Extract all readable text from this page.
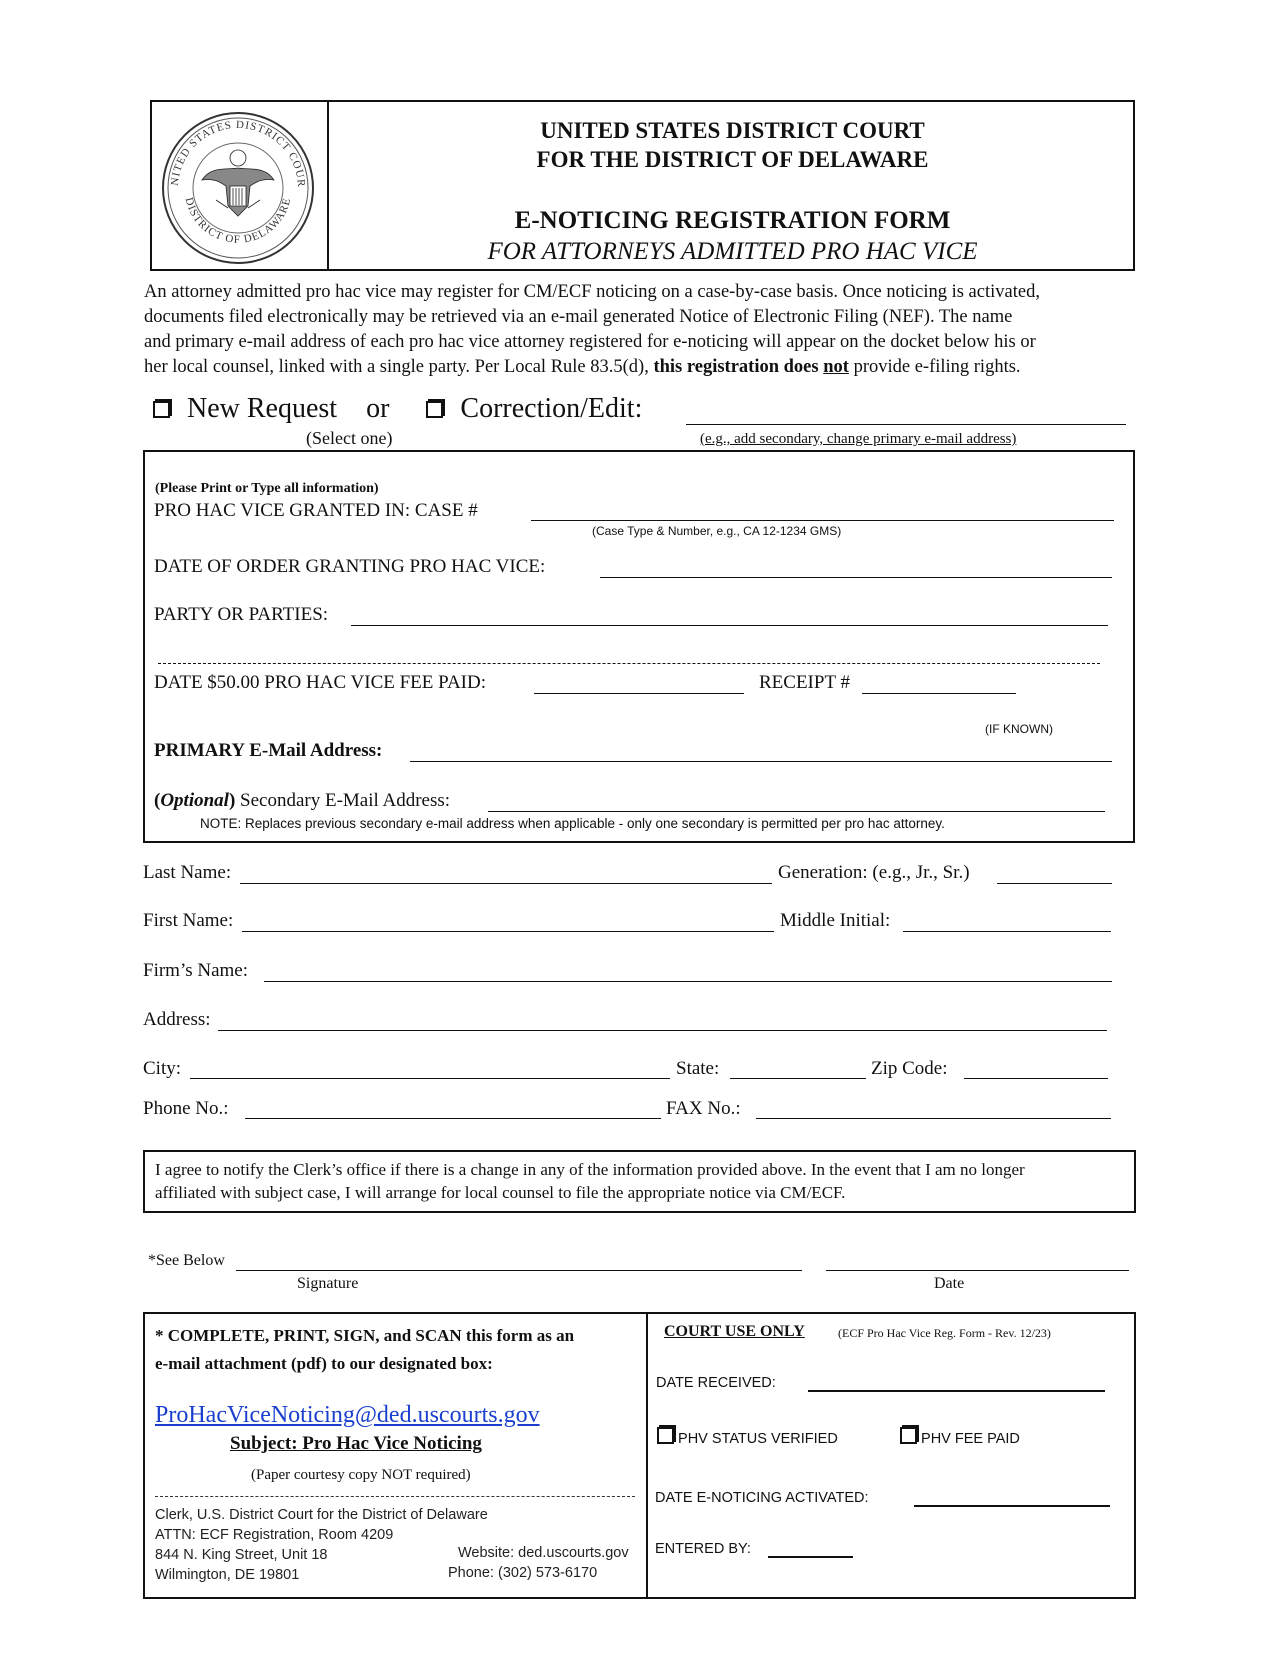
NITED STATES DISTRICT COUR
DISTRICT OF DELAWARE
UNITED STATES DISTRICT COURT
FOR THE DISTRICT OF DELAWARE
E-NOTICING REGISTRATION FORM
FOR ATTORNEYS ADMITTED PRO HAC VICE
An attorney admitted pro hac vice may register for CM/ECF noticing on a case-by-case basis. Once noticing is activated,
documents filed electronically may be retrieved via an e-mail generated Notice of Electronic Filing (NEF). The name
and primary e-mail address of each pro hac vice attorney registered for e-noticing will appear on the docket below his or
her local counsel, linked with a single party. Per Local Rule 83.5(d), this registration does not provide e-filing rights.
New Request or	Correction/Edit:
(Select one)	(e.g., add secondary, change primary e-mail address)
(Please Print or Type all information)
PRO HAC VICE GRANTED IN: CASE #
(Case Type & Number, e.g., CA 12-1234 GMS)
DATE OF ORDER GRANTING PRO HAC VICE:
PARTY OR PARTIES:
DATE $50.00 PRO HAC VICE FEE PAID:	RECEIPT #
(IF KNOWN)
PRIMARY E-Mail Address:
(Optional) Secondary E-Mail Address:
NOTE: Replaces previous secondary e-mail address when applicable - only one secondary is permitted per pro hac attorney.
Last Name:	Generation: (e.g., Jr., Sr.)
First Name:	Middle Initial:
Firm’s Name:
Address:
City:	State:	Zip Code:
Phone No.:	FAX No.:
I agree to notify the Clerk’s office if there is a change in any of the information provided above. In the event that I am no longer
affiliated with subject case, I will arrange for local counsel to file the appropriate notice via CM/ECF.
*See Below
Signature	Date
* COMPLETE, PRINT, SIGN, and SCAN this form as an
e-mail attachment (pdf) to our designated box:
ProHacViceNoticing@ded.uscourts.gov
Subject: Pro Hac Vice Noticing
(Paper courtesy copy NOT required)
Clerk, U.S. District Court for the District of Delaware
ATTN: ECF Registration, Room 4209
844 N. King Street, Unit 18
Wilmington, DE 19801
Website: ded.uscourts.gov
Phone: (302) 573-6170
COURT USE ONLY	(ECF Pro Hac Vice Reg. Form - Rev. 12/23)
DATE RECEIVED:
PHV STATUS VERIFIED	PHV FEE PAID
DATE E-NOTICING ACTIVATED:
ENTERED BY:
